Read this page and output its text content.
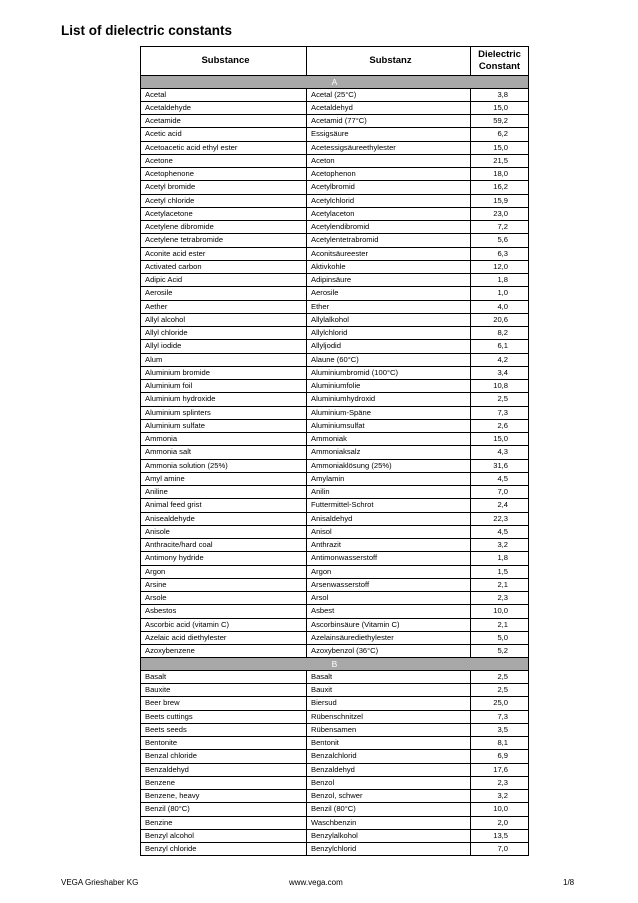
List of dielectric constants
Substance	Substanz
Dielectric
Constant
A
Acetal	Acetal (25°C)	3,8
Acetaldehyde	Acetaldehyd	15,0
Acetamide	Acetamid (77°C)	59,2
Acetic acid	Essigsäure	6,2
Acetoacetic acid ethyl ester	Acetessigsäureethylester	15,0
Acetone	Aceton	21,5
Acetophenone	Acetophenon	18,0
Acetyl bromide	Acetylbromid	16,2
Acetyl chloride	Acetylchlorid	15,9
Acetylacetone	Acetylaceton	23,0
Acetylene dibromide	Acetylendibromid	7,2
Acetylene tetrabromide	Acetylentetrabromid	5,6
Aconite acid ester	Aconitsäureester	6,3
Activated carbon	Aktivkohle	12,0
Adipic Acid	Adipinsäure	1,8
Aerosile	Aerosile	1,0
Aether	Ether	4,0
Allyl alcohol	Allylalkohol	20,6
Allyl chloride	Allylchlorid	8,2
Allyl iodide	Allyljodid	6,1
Alum	Alaune (60°C)	4,2
Aluminium bromide	Aluminiumbromid (100°C)	3,4
Aluminium foil	Aluminiumfolie	10,8
Aluminium hydroxide	Aluminiumhydroxid	2,5
Aluminium splinters	Aluminium-Späne	7,3
Aluminium sulfate	Aluminiumsulfat	2,6
Ammonia	Ammoniak	15,0
Ammonia salt	Ammoniaksalz	4,3
Ammonia solution (25%)	Ammoniaklösung (25%)	31,6
Amyl amine	Amylamin	4,5
Aniline	Anilin	7,0
Animal feed grist	Futtermittel-Schrot	2,4
Anisealdehyde	Anisaldehyd	22,3
Anisole	Anisol	4,5
Anthracite/hard coal	Anthrazit	3,2
Antimony hydride	Antimonwasserstoff	1,8
Argon	Argon	1,5
Arsine	Arsenwasserstoff	2,1
Arsole	Arsol	2,3
Asbestos	Asbest	10,0
Ascorbic acid (vitamin C)	Ascorbinsäure (Vitamin C)	2,1
Azelaic acid diethylester	Azelainsäurediethylester	5,0
Azoxybenzene	Azoxybenzol (36°C)	5,2
B
Basalt	Basalt	2,5
Bauxite	Bauxit	2,5
Beer brew	Biersud	25,0
Beets cuttings	Rübenschnitzel	7,3
Beets seeds	Rübensamen	3,5
Bentonite	Bentonit	8,1
Benzal chloride	Benzalchlorid	6,9
Benzaldehyd	Benzaldehyd	17,6
Benzene	Benzol	2,3
Benzene, heavy	Benzol, schwer	3,2
Benzil (80°C)	Benzil (80°C)	10,0
Benzine	Waschbenzin	2,0
Benzyl alcohol	Benzylalkohol	13,5
Benzyl chloride	Benzylchlorid	7,0
VEGA Grieshaber KG	www.vega.com	1/8
